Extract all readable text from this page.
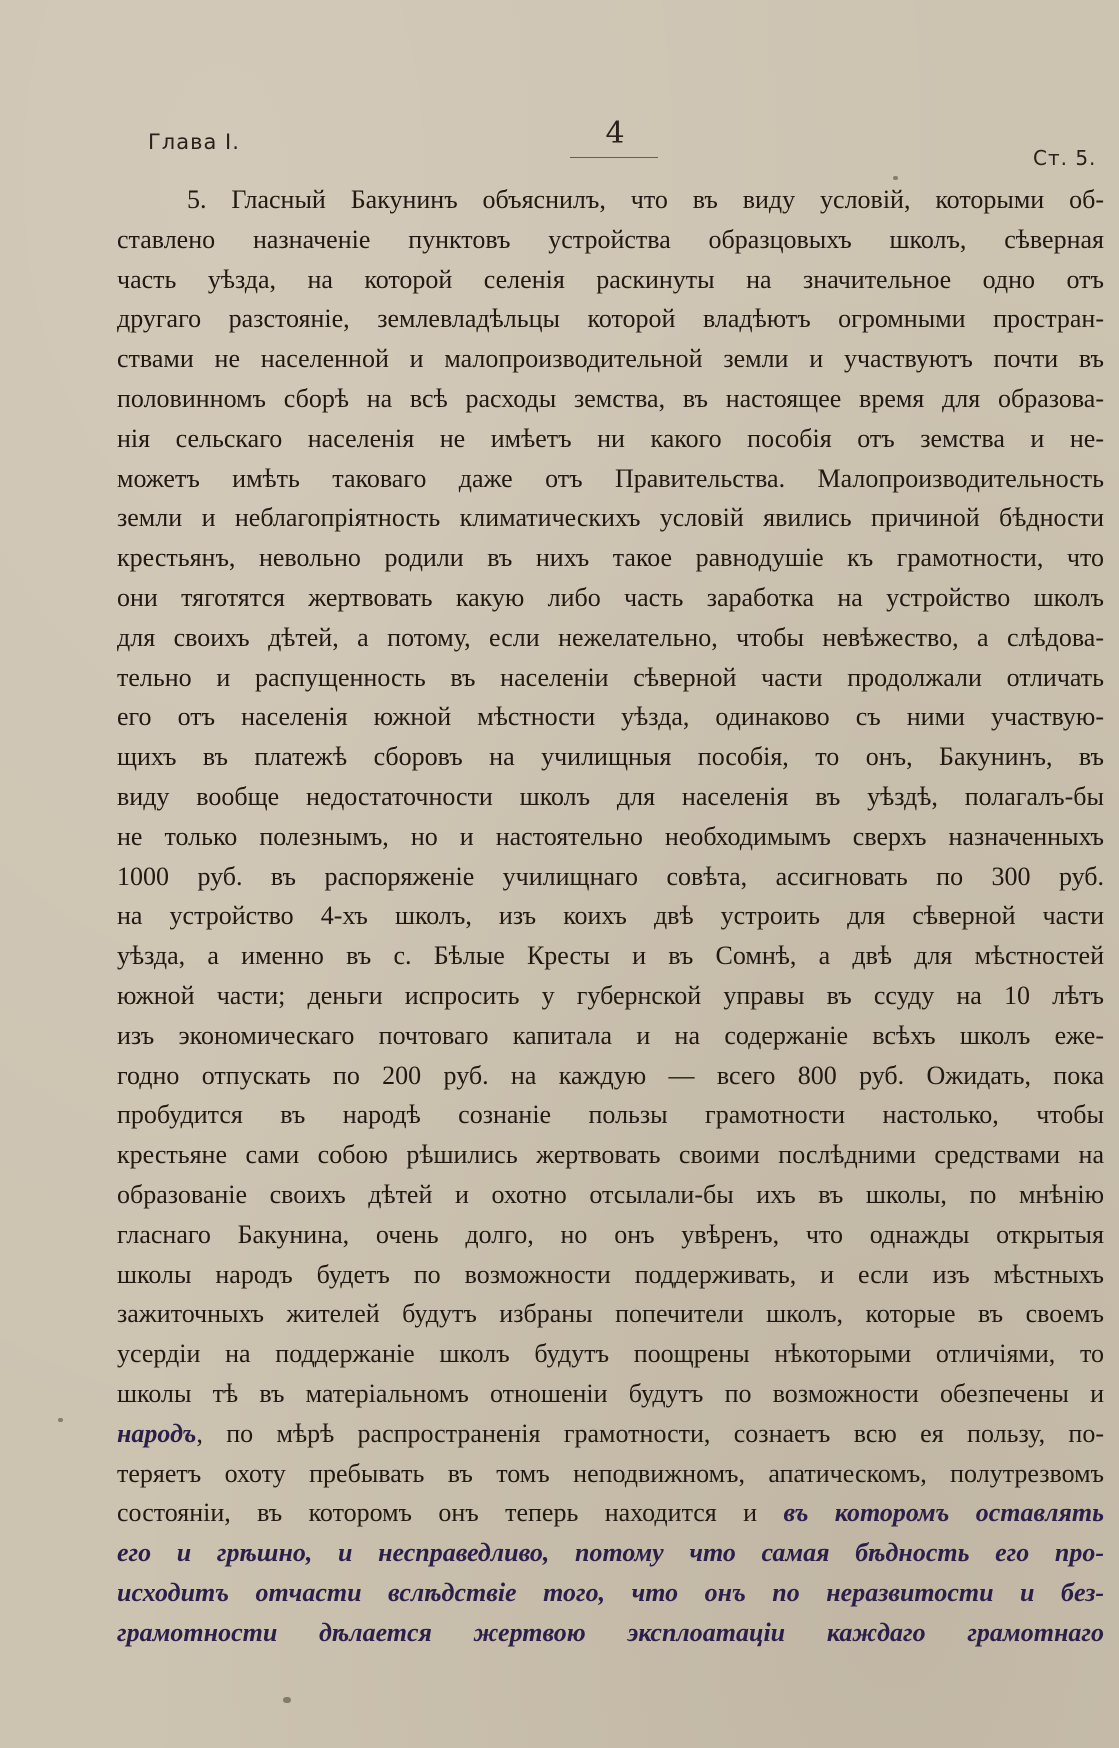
Глава I.	4
Ст. 5.
5. Гласный Бакунинъ объяснилъ, что въ виду условій, которыми об-
ставлено назначеніе пунктовъ устройства образцовыхъ школъ, сѣверная
часть уѣзда, на которой селенія раскинуты на значительное одно отъ
другаго разстояніе, землевладѣльцы которой владѣютъ огромными простран-
ствами не населенной и малопроизводительной земли и участвуютъ почти въ
половинномъ сборѣ на всѣ расходы земства, въ настоящее время для образова-
нія сельскаго населенія не имѣетъ ни какого пособія отъ земства и не-
можетъ имѣть таковаго даже отъ Правительства. Малопроизводительность
земли и неблагопріятность климатическихъ условій явились причиной бѣдности
крестьянъ, невольно родили въ нихъ такое равнодушіе къ грамотности, что
они тяготятся жертвовать какую либо часть заработка на устройство школъ
для своихъ дѣтей, а потому, если нежелательно, чтобы невѣжество, а слѣдова-
тельно и распущенность въ населеніи сѣверной части продолжали отличать
его отъ населенія южной мѣстности уѣзда, одинаково съ ними участвую-
щихъ въ платежѣ сборовъ на училищныя пособія, то онъ, Бакунинъ, въ
виду вообще недостаточности школъ для населенія въ уѣздѣ, полагалъ-бы
не только полезнымъ, но и настоятельно необходимымъ сверхъ назначенныхъ
1000 руб. въ распоряженіе училищнаго совѣта, ассигновать по 300 руб.
на устройство 4-хъ школъ, изъ коихъ двѣ устроить для сѣверной части
уѣзда, а именно въ с. Бѣлые Кресты и въ Сомнѣ, а двѣ для мѣстностей
южной части; деньги испросить у губернской управы въ ссуду на 10 лѣтъ
изъ экономическаго почтоваго капитала и на содержаніе всѣхъ школъ еже-
годно отпускать по 200 руб. на каждую — всего 800 руб. Ожидать, пока
пробудится въ народѣ сознаніе пользы грамотности настолько, чтобы
крестьяне сами собою рѣшились жертвовать своими послѣдними средствами на
образованіе своихъ дѣтей и охотно отсылали-бы ихъ въ школы, по мнѣнію
гласнаго Бакунина, очень долго, но онъ увѣренъ, что однажды открытыя
школы народъ будетъ по возможности поддерживать, и если изъ мѣстныхъ
зажиточныхъ жителей будутъ избраны попечители школъ, которые въ своемъ
усердіи на поддержаніе школъ будутъ поощрены нѣкоторыми отличіями, то
школы тѣ въ матеріальномъ отношеніи будутъ по возможности обезпечены и
народъ, по мѣрѣ распространенія грамотности, сознаетъ всю ея пользу, по-
теряетъ охоту пребывать въ томъ неподвижномъ, апатическомъ, полутрезвомъ
состояніи, въ которомъ онъ теперь находится и въ которомъ оставлять
его и грѣшно, и несправедливо, потому что самая бѣдность его про-
исходитъ отчасти вслѣдствіе того, что онъ по неразвитости и без-
грамотности дѣлается жертвою эксплоатаціи каждаго грамотнаго
